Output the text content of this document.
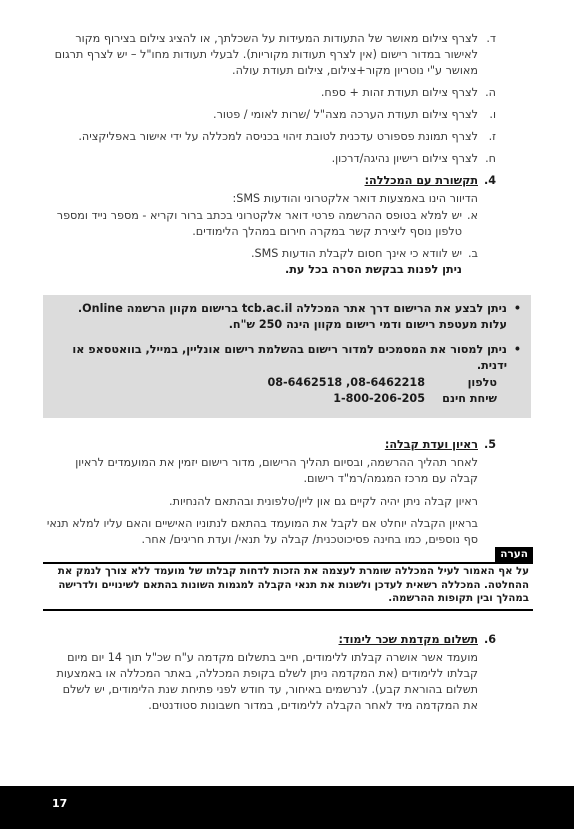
ד.
לצרף צילום מאושר של התעודות המעידות על השכלתך, או להציג צילום בצירוף מקור לאישור במדור רישום (אין לצרף תעודות מקוריות). לבעלי תעודות מחו"ל – יש לצרף תרגום מאושר ע"י נוטריון מקור+צילום, צילום תעודת עולה.
ה.
לצרף צילום תעודת זהות + ספח.
ו.
לצרף צילום תעודת הערכה מצה"ל /שרות לאומי / פטור.
ז.
לצרף תמונת פספורט עדכנית לטובת זיהוי בכניסה למכללה על ידי אישור באפליקציה.
ח.
לצרף צילום רישיון נהיגה/דרכון.
4.
תקשורת עם המכללה:
הדיוור הינו באמצעות דואר אלקטרוני והודעות SMS:
א.
יש למלא בטופס ההרשמה פרטי דואר אלקטרוני בכתב ברור וקריא - מספר נייד ומספר טלפון נוסף ליצירת קשר במקרה חירום במהלך הלימודים.
ב.
יש לוודא כי אינך חסום לקבלת הודעות SMS.
ניתן לפנות בבקשת הסרה בכל עת.
•
ניתן לבצע את הרישום דרך אתר המכללה tcb.ac.il ברישום מקוון הרשמה Online. עלות מעטפת רישום ודמי רישום מקוון הינה 250 ש"ח.
•
ניתן למסור את המסמכים למדור רישום בהשלמת רישום אונליין, במייל, בוואטסאפ או ידנית.
טלפון
08-6462518 ,08-6462218
שיחת חינם
1-800-206-205
5.
ראיון ועדת קבלה:
לאחר תהליך ההרשמה, ובסיום תהליך הרישום, מדור רישום יזמין את המועמדים לראיון קבלה עם מרכז המגמה/רמ"ד רישום.
ראיון קבלה ניתן יהיה לקיים גם און ליין/טלפונית ובהתאם להנחיות.
בראיון הקבלה יוחלט אם לקבל את המועמד בהתאם לנתוניו האישיים והאם עליו למלא תנאי סף נוספים, כמו בחינה פסיכוטכנית/ קבלה על תנאי/ ועדת חריגים/ אחר.
הערה
על אף האמור לעיל המכללה שומרת לעצמה את הזכות לדחות קבלתו של מועמד ללא צורך לנמק את ההחלטה. המכללה רשאית לעדכן ולשנות את תנאי הקבלה למגמות השונות בהתאם לשינויים ולדרישה במהלך ובין תקופות ההרשמה.
6.
תשלום מקדמת שכר לימוד:
מועמד אשר אושרה קבלתו ללימודים, חייב בתשלום מקדמה ע"ח שכ"ל תוך 14 יום מיום קבלתו ללימודים (את המקדמה ניתן לשלם בקופת המכללה, באתר המכללה או באמצעות תשלום בהוראת קבע). לנרשמים באיחור, עד חודש לפני פתיחת שנת הלימודים, יש לשלם את המקדמה מיד לאחר הקבלה ללימודים, במדור חשבונות סטודנטים.
17
